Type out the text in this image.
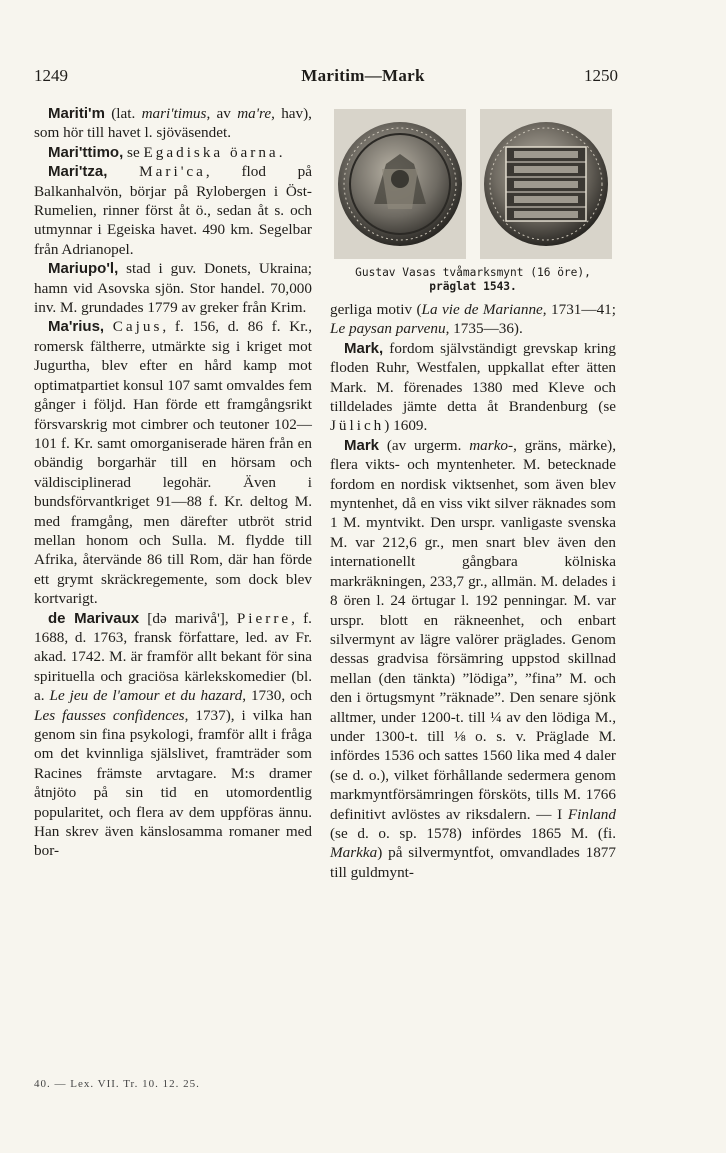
1249	Maritim—Mark	1250

Mariti'm (lat. mari'timus, av ma're, hav), som hör till havet l. sjöväsendet.

Mari'ttimo, se Egadiska öarna.

Mari'tza, Mari'ca, flod på Balkanhalvön, börjar på Rylobergen i Öst-Rumelien, rinner först åt ö., sedan åt s. och utmynnar i Egeiska havet. 490 km. Segelbar från Adrianopel.

Mariupo'l, stad i guv. Donets, Ukraina; hamn vid Asovska sjön. Stor handel. 70,000 inv. M. grundades 1779 av greker från Krim.

Ma'rius, Cajus, f. 156, d. 86 f. Kr., romersk fältherre, utmärkte sig i kriget mot Jugurtha, blev efter en hård kamp mot optimatpartiet konsul 107 samt omvaldes fem gånger i följd. Han förde ett framgångsrikt försvarskrig mot cimbrer och teutoner 102—101 f. Kr. samt omorganiserade hären från en obändig borgarhär till en hörsam och väldisciplinerad legohär. Även i bundsförvantkriget 91—88 f. Kr. deltog M. med framgång, men därefter utbröt strid mellan honom och Sulla. M. flydde till Afrika, återvände 86 till Rom, där han förde ett grymt skräckregemente, som dock blev kortvarigt.

de Marivaux [də marivå'], Pierre, f. 1688, d. 1763, fransk författare, led. av Fr. akad. 1742. M. är framför allt bekant för sina spirituella och graciösa kärlekskomedier (bl. a. Le jeu de l'amour et du hazard, 1730, och Les fausses confidences, 1737), i vilka han genom sin fina psykologi, framför allt i fråga om det kvinnliga själslivet, framträder som Racines främste arvtagare. M:s dramer åtnjöto på sin tid en utomordentlig popularitet, och flera av dem uppföras ännu. Han skrev även känslosamma romaner med bor-

Gustav Vasas tvåmarksmynt (16 öre),
präglat 1543.

gerliga motiv (La vie de Marianne, 1731—41; Le paysan parvenu, 1735—36).

Mark, fordom självständigt grevskap kring floden Ruhr, Westfalen, uppkallat efter ätten Mark. M. förenades 1380 med Kleve och tilldelades jämte detta åt Brandenburg (se Jülich) 1609.

Mark (av urgerm. marko-, gräns, märke), flera vikts- och myntenheter. M. betecknade fordom en nordisk viktsenhet, som även blev myntenhet, då en viss vikt silver räknades som 1 M. myntvikt. Den urspr. vanligaste svenska M. var 212,6 gr., men snart blev även den internationellt gångbara kölniska markräkningen, 233,7 gr., allmän. M. delades i 8 ören l. 24 örtugar l. 192 penningar. M. var urspr. blott en räkneenhet, och enbart silvermynt av lägre valörer präglades. Genom dessas gradvisa försämring uppstod skillnad mellan (den tänkta) ”lödiga”, ”fina” M. och den i örtugsmynt ”räknade”. Den senare sjönk alltmer, under 1200-t. till ¼ av den lödiga M., under 1300-t. till ⅛ o. s. v. Präglade M. infördes 1536 och sattes 1560 lika med 4 daler (se d. o.), vilket förhållande sedermera genom markmyntförsämringen försköts, tills M. 1766 definitivt avlöstes av riksdalern. — I Finland (se d. o. sp. 1578) infördes 1865 M. (fi. Markka) på silvermyntfot, omvandlades 1877 till guldmynt-

40. — Lex. VII. Tr. 10. 12. 25.
